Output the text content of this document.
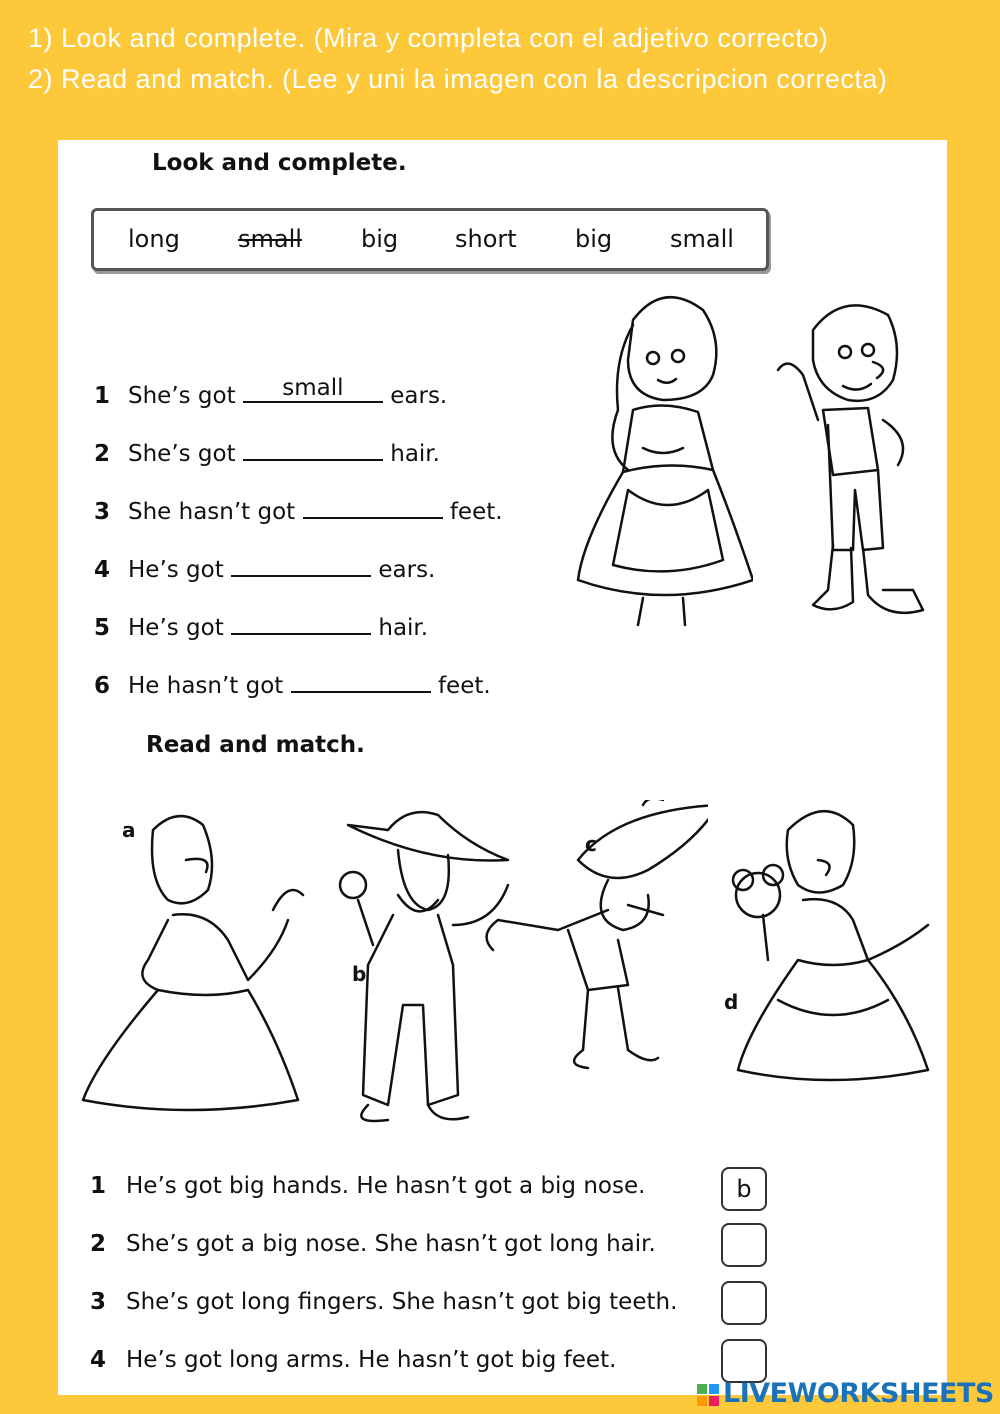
1) Look and complete. (Mira y completa con el adjetivo correcto)
2) Read and match. (Lee y uni la imagen con la descripcion correcta)
Look and complete.
long small big short big small
1 She’s got	small	ears.
2 She’s got	hair.
3 She hasn’t got	feet.
4 He’s got	ears.
5 He’s got	hair.
6 He hasn’t got	feet.
Read and match.
a
b
c
d
1 He’s got big hands. He hasn’t got a big nose.	b
2 She’s got a big nose. She hasn’t got long hair.
3 She’s got long fingers. She hasn’t got big teeth.
4 He’s got long arms. He hasn’t got big feet.
LIVEWORKSHEETS
